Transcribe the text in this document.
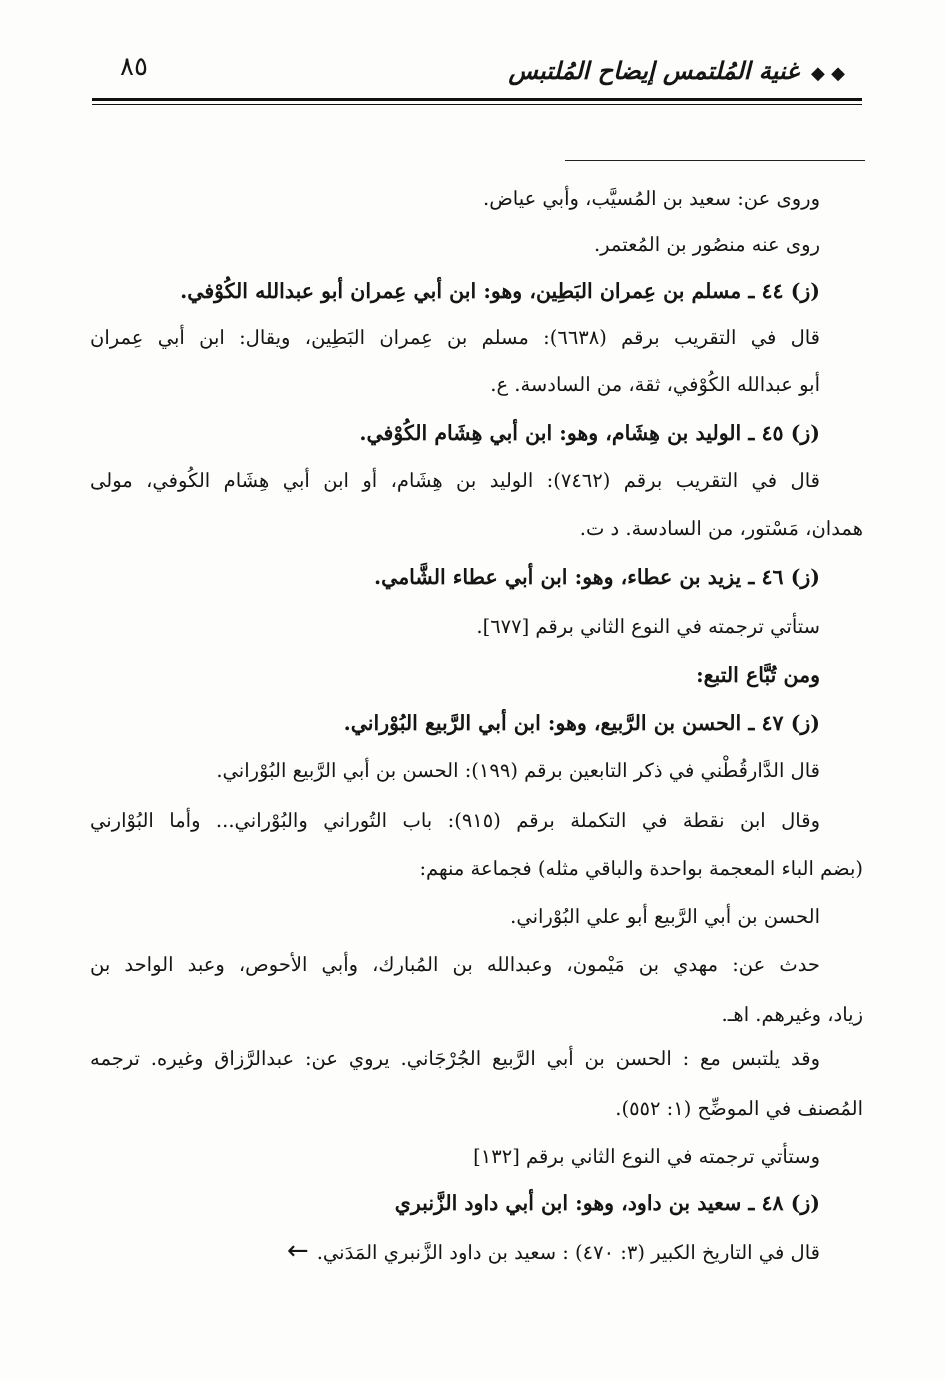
٨٥	◆ ◆ غنية المُلتمس إيضاح المُلتبس
وروى عن: سعيد بن المُسيَّب، وأبي عياض.
روى عنه منصُور بن المُعتمر.
(ز) ٤٤ ـ مسلم بن عِمران البَطِين، وهو: ابن أبي عِمران أبو عبدالله الكُوْفي.
قال في التقريب برقم (٦٦٣٨): مسلم بن عِمران البَطِين، ويقال: ابن أبي عِمران
أبو عبدالله الكُوْفي، ثقة، من السادسة. ع.
(ز) ٤٥ ـ الوليد بن هِشَام، وهو: ابن أبي هِشَام الكُوْفي.
قال في التقريب برقم (٧٤٦٢): الوليد بن هِشَام، أو ابن أبي هِشَام الكُوفي، مولى
همدان، مَسْتور، من السادسة. د ت.
(ز) ٤٦ ـ يزيد بن عطاء، وهو: ابن أبي عطاء الشَّامي.
ستأتي ترجمته في النوع الثاني برقم [٦٧٧].
ومن تُبَّاع التبع:
(ز) ٤٧ ـ الحسن بن الرَّبيع، وهو: ابن أبي الرَّبيع البُوْراني.
قال الدَّارقُطْني في ذكر التابعين برقم (١٩٩): الحسن بن أبي الرَّبيع البُوْراني.
وقال ابن نقطة في التكملة برقم (٩١٥): باب التُوراني والبُوْراني... وأما البُوْارني
(بضم الباء المعجمة بواحدة والباقي مثله) فجماعة منهم:
الحسن بن أبي الرَّبيع أبو علي البُوْراني.
حدث عن: مهدي بن مَيْمون، وعبدالله بن المُبارك، وأبي الأحوص، وعبد الواحد بن
زياد، وغيرهم. اهـ.
وقد يلتبس مع : الحسن بن أبي الرَّبيع الجُرْجَاني. يروي عن: عبدالرَّزاق وغيره. ترجمه
المُصنف في الموضِّح (١: ٥٥٢).
وستأتي ترجمته في النوع الثاني برقم [١٣٢]
(ز) ٤٨ ـ سعيد بن داود، وهو: ابن أبي داود الزَّنبري
قال في التاريخ الكبير (٣: ٤٧٠) : سعيد بن داود الزَّنبري المَدَني.←
